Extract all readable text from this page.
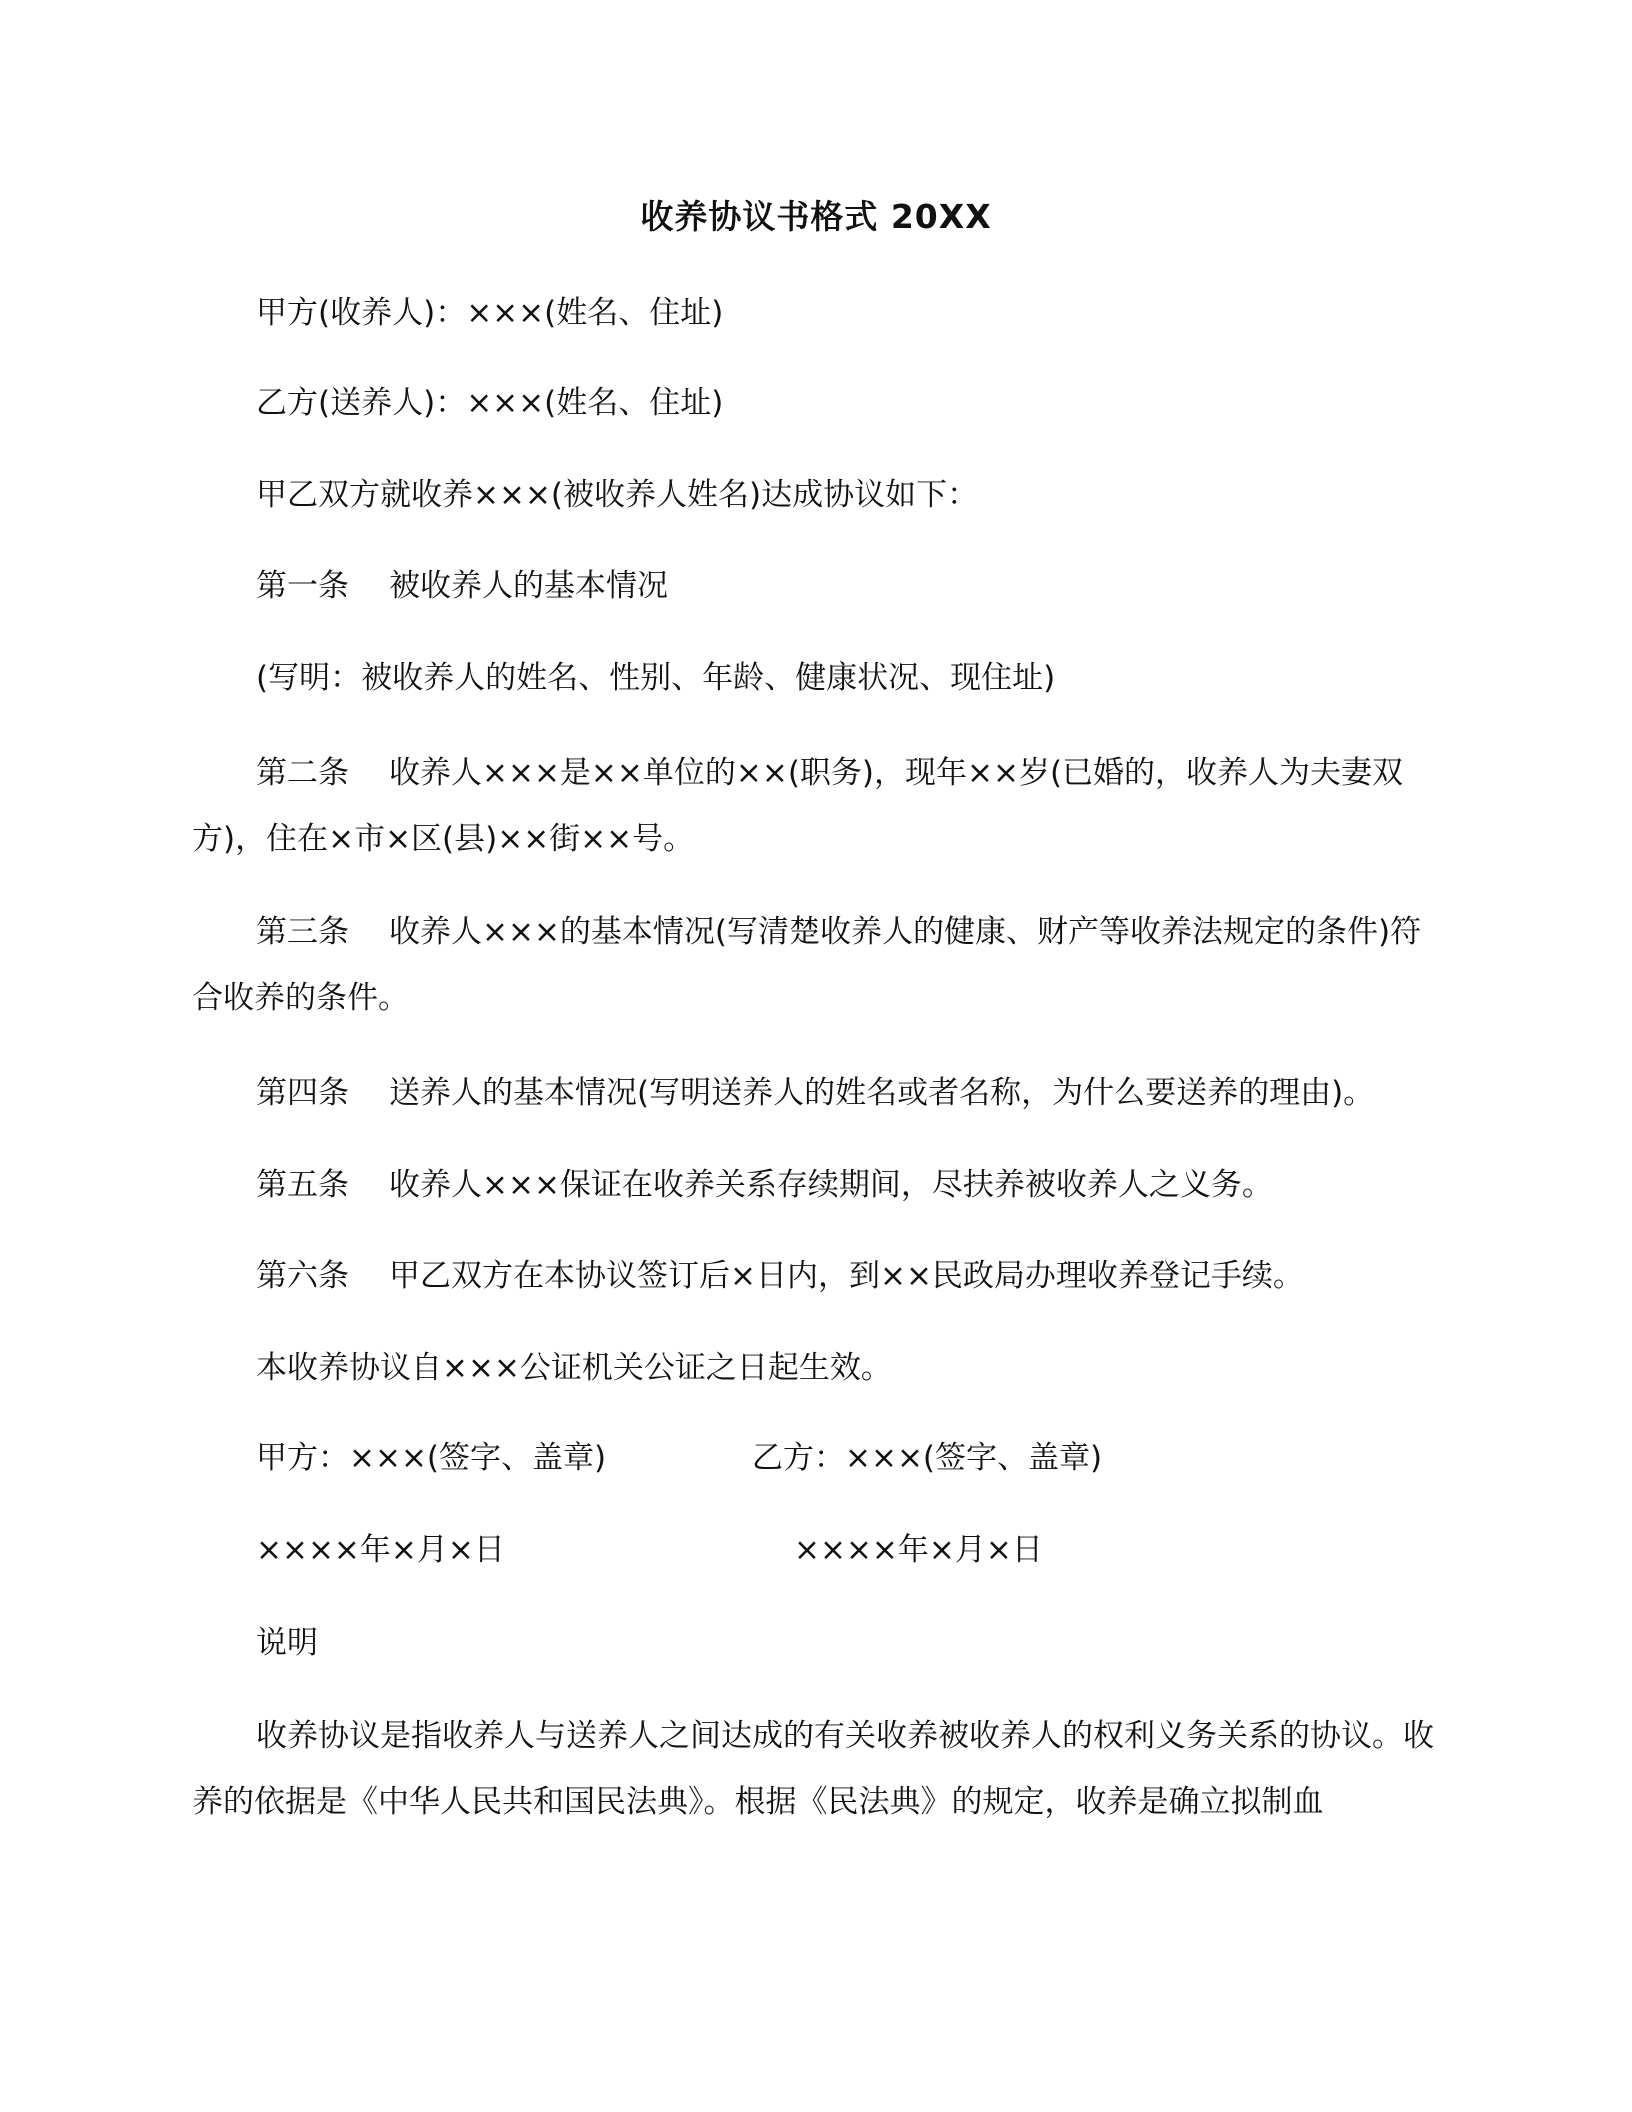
收养协议书格式 20XX
甲方(收养人)：×××(姓名、住址)
乙方(送养人)：×××(姓名、住址)
甲乙双方就收养×××(被收养人姓名)达成协议如下：
第一条 被收养人的基本情况
(写明：被收养人的姓名、性别、年龄、健康状况、现住址)
第二条 收养人×××是××单位的××(职务)，现年××岁(已婚的，收养人为夫妻双方)，住在×市×区(县)××街××号。
第三条 收养人×××的基本情况(写清楚收养人的健康、财产等收养法规定的条件)符合收养的条件。
第四条 送养人的基本情况(写明送养人的姓名或者名称，为什么要送养的理由)。
第五条 收养人×××保证在收养关系存续期间，尽扶养被收养人之义务。
第六条 甲乙双方在本协议签订后×日内，到××民政局办理收养登记手续。
本收养协议自×××公证机关公证之日起生效。
甲方：×××(签字、盖章)	乙方：×××(签字、盖章)
××××年×月×日	××××年×月×日
说明
收养协议是指收养人与送养人之间达成的有关收养被收养人的权利义务关系的协议。收养的依据是《中华人民共和国民法典》。根据《民法典》的规定，收养是确立拟制血
